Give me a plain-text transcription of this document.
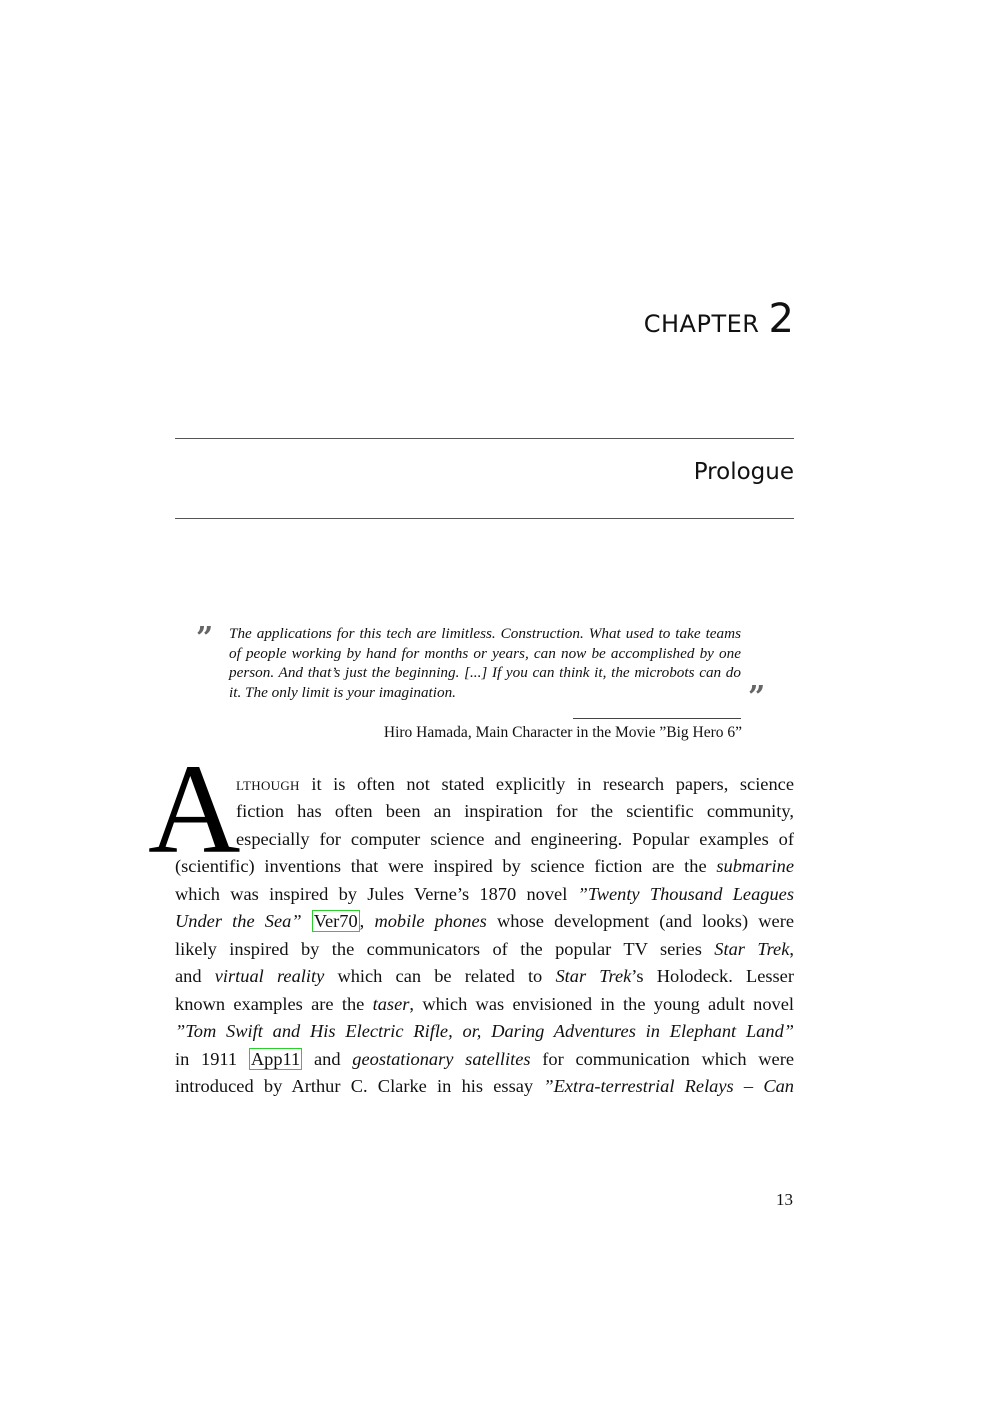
CHAPTER 2
Prologue
” The applications for this tech are limitless. Construction. What used to take teams of people working by hand for months or years, can now be accomplished by one person. And that’s just the beginning. [...] If you can think it, the microbots can do it. The only limit is your imagination.	”
Hiro Hamada, Main Character in the Movie ”Big Hero 6”
A
lthough it is often not stated explicitly in research papers, science
fiction has often been an inspiration for the scientific community,
especially for computer science and engineering. Popular examples of
(scientific) inventions that were inspired by science fiction are the submarine
which was inspired by Jules Verne’s 1870 novel ”Twenty Thousand Leagues
Under the Sea” Ver70 , mobile phones whose development (and looks) were
likely inspired by the communicators of the popular TV series Star Trek,
and virtual reality which can be related to Star Trek’s Holodeck. Lesser
known examples are the taser, which was envisioned in the young adult novel
”Tom Swift and His Electric Rifle, or, Daring Adventures in Elephant Land”
in 1911 App11 and geostationary satellites for communication which were
introduced by Arthur C. Clarke in his essay ”Extra-terrestrial Relays – Can
13
